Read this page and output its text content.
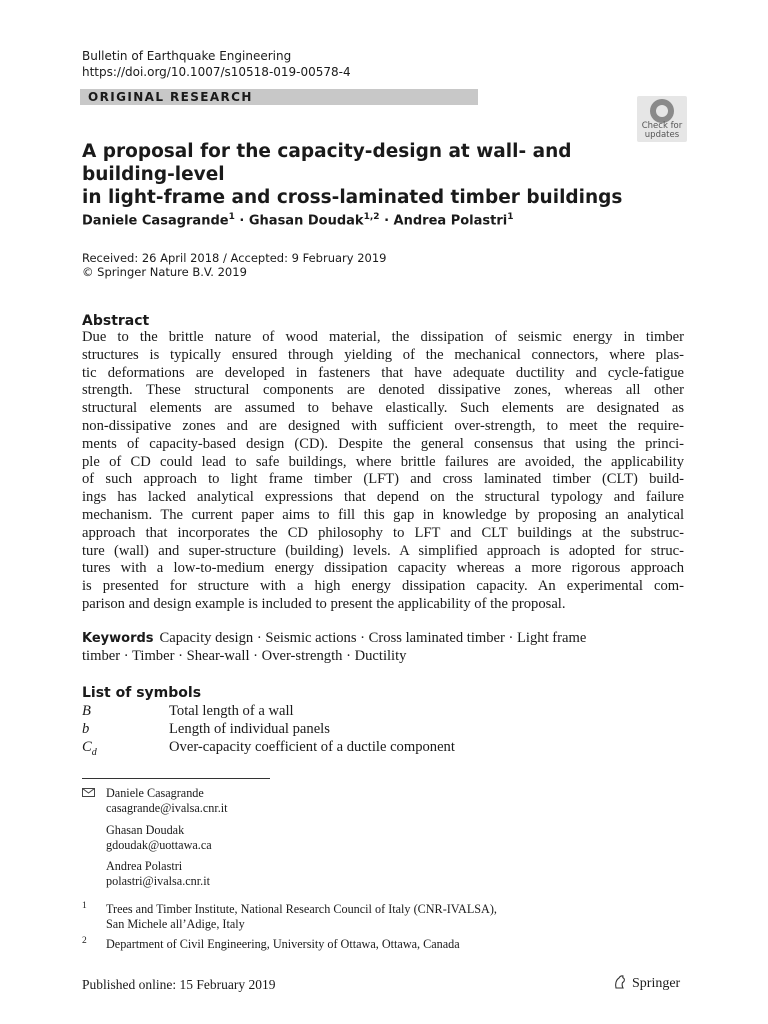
Bulletin of Earthquake Engineering
https://doi.org/10.1007/s10518-019-00578-4
ORIGINAL RESEARCH
Check for
updates
A proposal for the capacity-design at wall- and building-level
in light-frame and cross-laminated timber buildings
Daniele Casagrande$^1$ · Ghasan Doudak$^{1,2}$ · Andrea Polastri$^1$
Received: 26 April 2018 / Accepted: 9 February 2019
© Springer Nature B.V. 2019
Abstract
Due to the brittle nature of wood material, the dissipation of seismic energy in timber
structures is typically ensured through yielding of the mechanical connectors, where plas-
tic deformations are developed in fasteners that have adequate ductility and cycle-fatigue
strength. These structural components are denoted dissipative zones, whereas all other
structural elements are assumed to behave elastically. Such elements are designated as
non-dissipative zones and are designed with sufficient over-strength, to meet the require-
ments of capacity-based design (CD). Despite the general consensus that using the princi-
ple of CD could lead to safe buildings, where brittle failures are avoided, the applicability
of such approach to light frame timber (LFT) and cross laminated timber (CLT) build-
ings has lacked analytical expressions that depend on the structural typology and failure
mechanism. The current paper aims to fill this gap in knowledge by proposing an analytical
approach that incorporates the CD philosophy to LFT and CLT buildings at the substruc-
ture (wall) and super-structure (building) levels. A simplified approach is adopted for struc-
tures with a low-to-medium energy dissipation capacity whereas a more rigorous approach
is presented for structure with a high energy dissipation capacity. An experimental com-
parison and design example is included to present the applicability of the proposal.
Keywords Capacity design · Seismic actions · Cross laminated timber · Light frame
timber · Timber · Shear-wall · Over-strength · Ductility
List of symbols
B	Total length of a wall
b	Length of individual panels
$C_d$	Over-capacity coefficient of a ductile component
Daniele Casagrande
casagrande@ivalsa.cnr.it
Ghasan Doudak
gdoudak@uottawa.ca
Andrea Polastri
polastri@ivalsa.cnr.it
1 Trees and Timber Institute, National Research Council of Italy (CNR-IVALSA),
San Michele all’Adige, Italy
2 Department of Civil Engineering, University of Ottawa, Ottawa, Canada
Published online: 15 February 2019	Springer
